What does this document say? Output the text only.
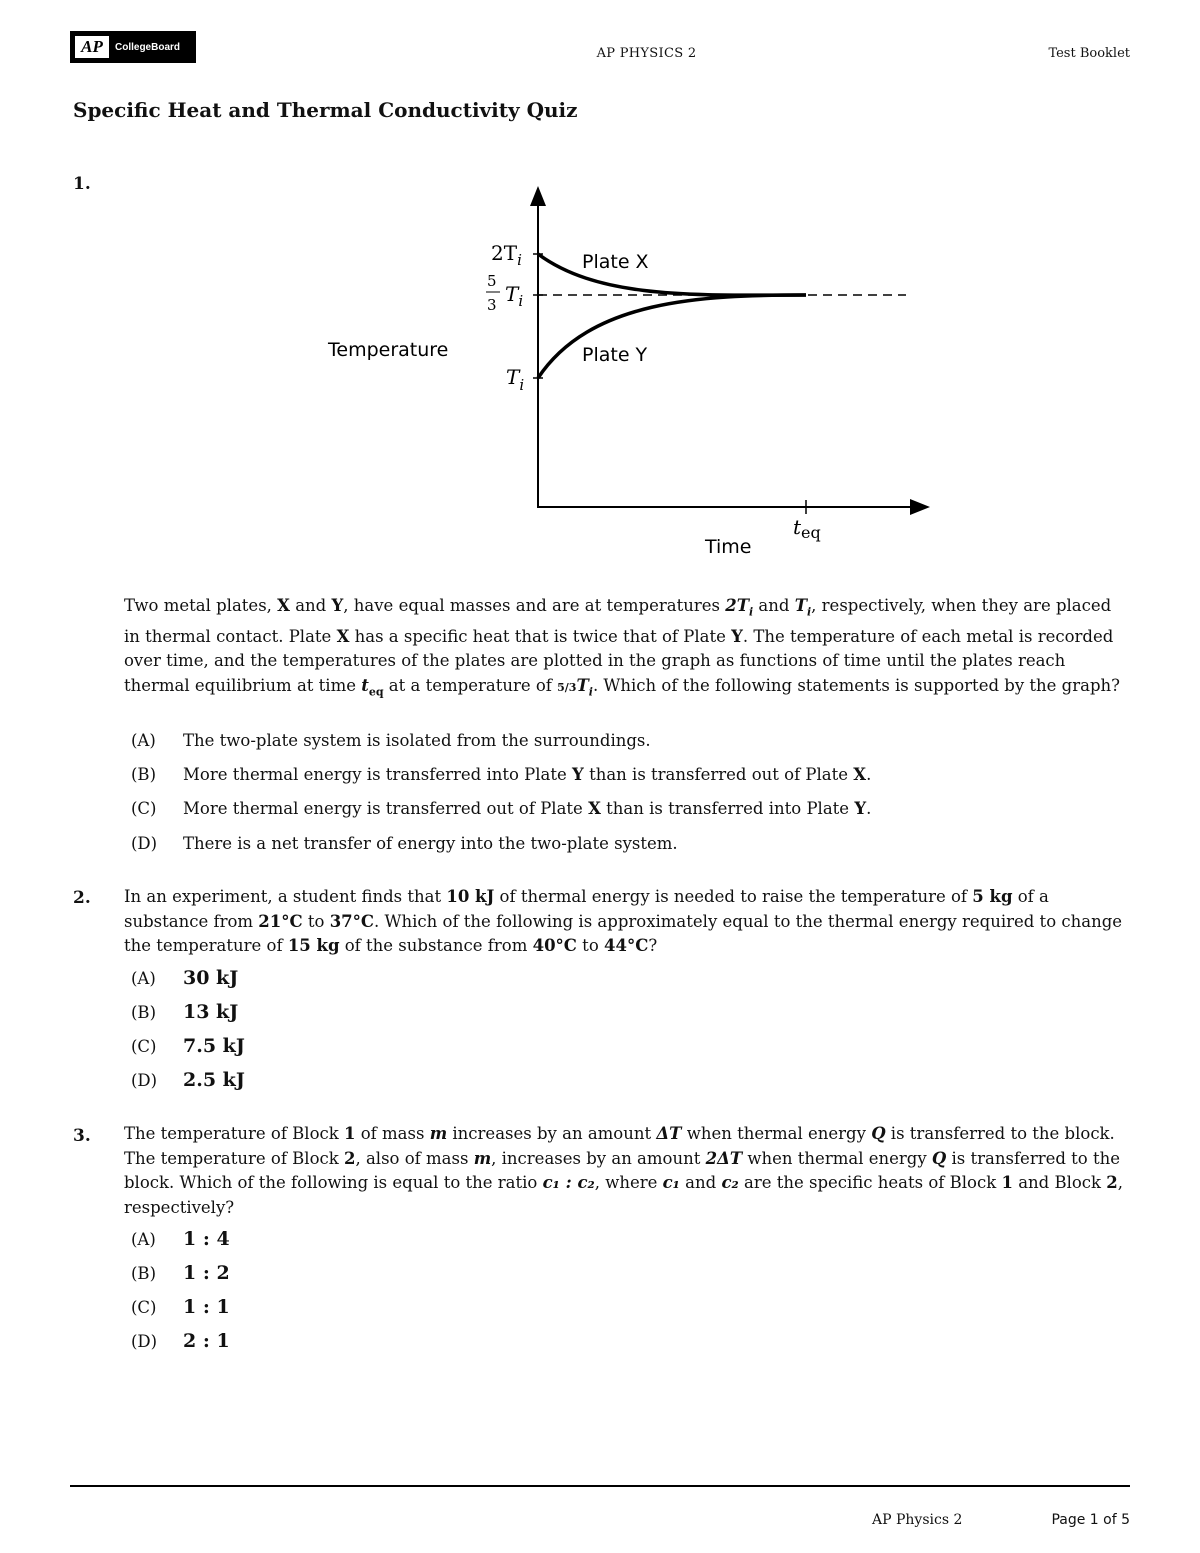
AP	CollegeBoard	AP PHYSICS 2	Test Booklet
Specific Heat and Thermal Conductivity Quiz
1.
$2T_i$
5
3 $T_i$
$T_i$
$t_{eq}$
Plate X
Plate Y
Temperature
Time
Two metal plates, X and Y, have equal masses and are at temperatures $2T_i$ and $T_i$, respectively, when they are placed in thermal contact. Plate X has a specific heat that is twice that of Plate Y. The temperature of each metal is recorded over time, and the temperatures of the plates are plotted in the graph as functions of time until the plates reach thermal equilibrium at time $t_{eq}$ at a temperature of $5/3T_i$. Which of the following statements is supported by the graph?
(A) The two-plate system is isolated from the surroundings.
(B) More thermal energy is transferred into Plate Y than is transferred out of Plate X.
(C) More thermal energy is transferred out of Plate X than is transferred into Plate Y.
(D) There is a net transfer of energy into the two-plate system.
2. In an experiment, a student finds that 10 kJ of thermal energy is needed to raise the temperature of 5 kg of a substance from 21°C to 37°C. Which of the following is approximately equal to the thermal energy required to change the temperature of 15 kg of the substance from 40°C to 44°C?
(A) 30 kJ
(B) 13 kJ
(C) 7.5 kJ
(D) 2.5 kJ
3. The temperature of Block 1 of mass m increases by an amount ΔT when thermal energy Q is transferred to the block. The temperature of Block 2, also of mass m, increases by an amount 2ΔT when thermal energy Q is transferred to the block. Which of the following is equal to the ratio c₁ : c₂, where c₁ and c₂ are the specific heats of Block 1 and Block 2, respectively?
(A) 1 : 4
(B) 1 : 2
(C) 1 : 1
(D) 2 : 1
AP Physics 2	Page 1 of 5
